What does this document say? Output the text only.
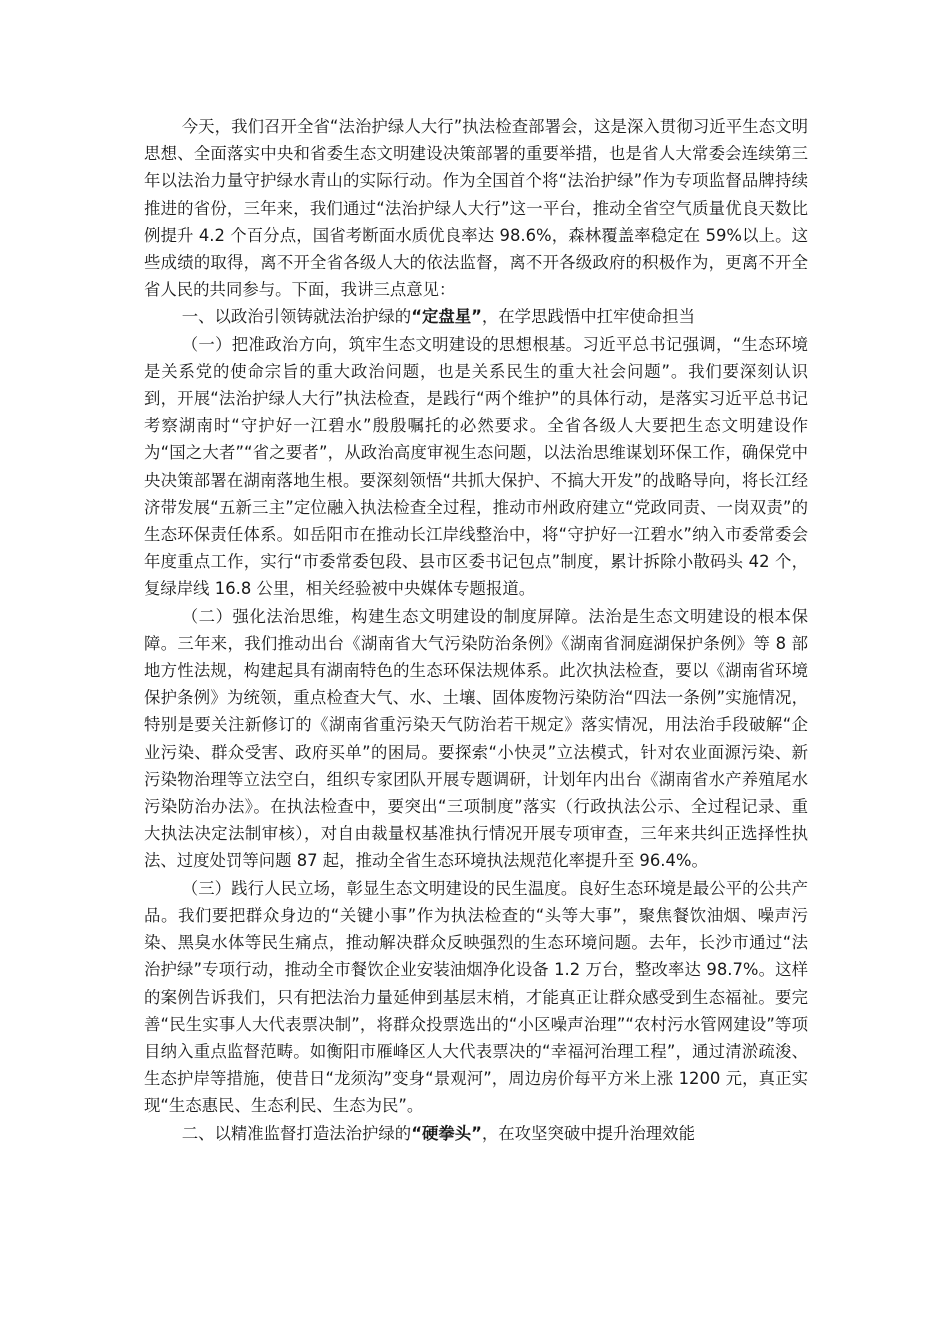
今天，我们召开全省“法治护绿人大行”执法检查部署会，这是深入贯彻习近平生态文明思想、全面落实中央和省委生态文明建设决策部署的重要举措，也是省人大常委会连续第三年以法治力量守护绿水青山的实际行动。作为全国首个将“法治护绿”作为专项监督品牌持续推进的省份，三年来，我们通过“法治护绿人大行”这一平台，推动全省空气质量优良天数比例提升 4.2 个百分点，国省考断面水质优良率达 98.6%，森林覆盖率稳定在 59%以上。这些成绩的取得，离不开全省各级人大的依法监督，离不开各级政府的积极作为，更离不开全省人民的共同参与。下面，我讲三点意见：

一、以政治引领铸就法治护绿的“定盘星”，在学思践悟中扛牢使命担当

（一）把准政治方向，筑牢生态文明建设的思想根基。习近平总书记强调，“生态环境是关系党的使命宗旨的重大政治问题，也是关系民生的重大社会问题”。我们要深刻认识到，开展“法治护绿人大行”执法检查，是践行“两个维护”的具体行动，是落实习近平总书记考察湖南时“守护好一江碧水”殷殷嘱托的必然要求。全省各级人大要把生态文明建设作为“国之大者”“省之要者”，从政治高度审视生态问题，以法治思维谋划环保工作，确保党中央决策部署在湖南落地生根。要深刻领悟“共抓大保护、不搞大开发”的战略导向，将长江经济带发展“五新三主”定位融入执法检查全过程，推动市州政府建立“党政同责、一岗双责”的生态环保责任体系。如岳阳市在推动长江岸线整治中，将“守护好一江碧水”纳入市委常委会年度重点工作，实行“市委常委包段、县市区委书记包点”制度，累计拆除小散码头 42 个，复绿岸线 16.8 公里，相关经验被中央媒体专题报道。

（二）强化法治思维，构建生态文明建设的制度屏障。法治是生态文明建设的根本保障。三年来，我们推动出台《湖南省大气污染防治条例》《湖南省洞庭湖保护条例》等 8 部地方性法规，构建起具有湖南特色的生态环保法规体系。此次执法检查，要以《湖南省环境保护条例》为统领，重点检查大气、水、土壤、固体废物污染防治“四法一条例”实施情况，特别是要关注新修订的《湖南省重污染天气防治若干规定》落实情况，用法治手段破解“企业污染、群众受害、政府买单”的困局。要探索“小快灵”立法模式，针对农业面源污染、新污染物治理等立法空白，组织专家团队开展专题调研，计划年内出台《湖南省水产养殖尾水污染防治办法》。在执法检查中，要突出“三项制度”落实（行政执法公示、全过程记录、重大执法决定法制审核），对自由裁量权基准执行情况开展专项审查，三年来共纠正选择性执法、过度处罚等问题 87 起，推动全省生态环境执法规范化率提升至 96.4%。

（三）践行人民立场，彰显生态文明建设的民生温度。良好生态环境是最公平的公共产品。我们要把群众身边的“关键小事”作为执法检查的“头等大事”，聚焦餐饮油烟、噪声污染、黑臭水体等民生痛点，推动解决群众反映强烈的生态环境问题。去年，长沙市通过“法治护绿”专项行动，推动全市餐饮企业安装油烟净化设备 1.2 万台，整改率达 98.7%。这样的案例告诉我们，只有把法治力量延伸到基层末梢，才能真正让群众感受到生态福祉。要完善“民生实事人大代表票决制”，将群众投票选出的“小区噪声治理”“农村污水管网建设”等项目纳入重点监督范畴。如衡阳市雁峰区人大代表票决的“幸福河治理工程”，通过清淤疏浚、生态护岸等措施，使昔日“龙须沟”变身“景观河”，周边房价每平方米上涨 1200 元，真正实现“生态惠民、生态利民、生态为民”。

二、以精准监督打造法治护绿的“硬拳头”，在攻坚突破中提升治理效能
